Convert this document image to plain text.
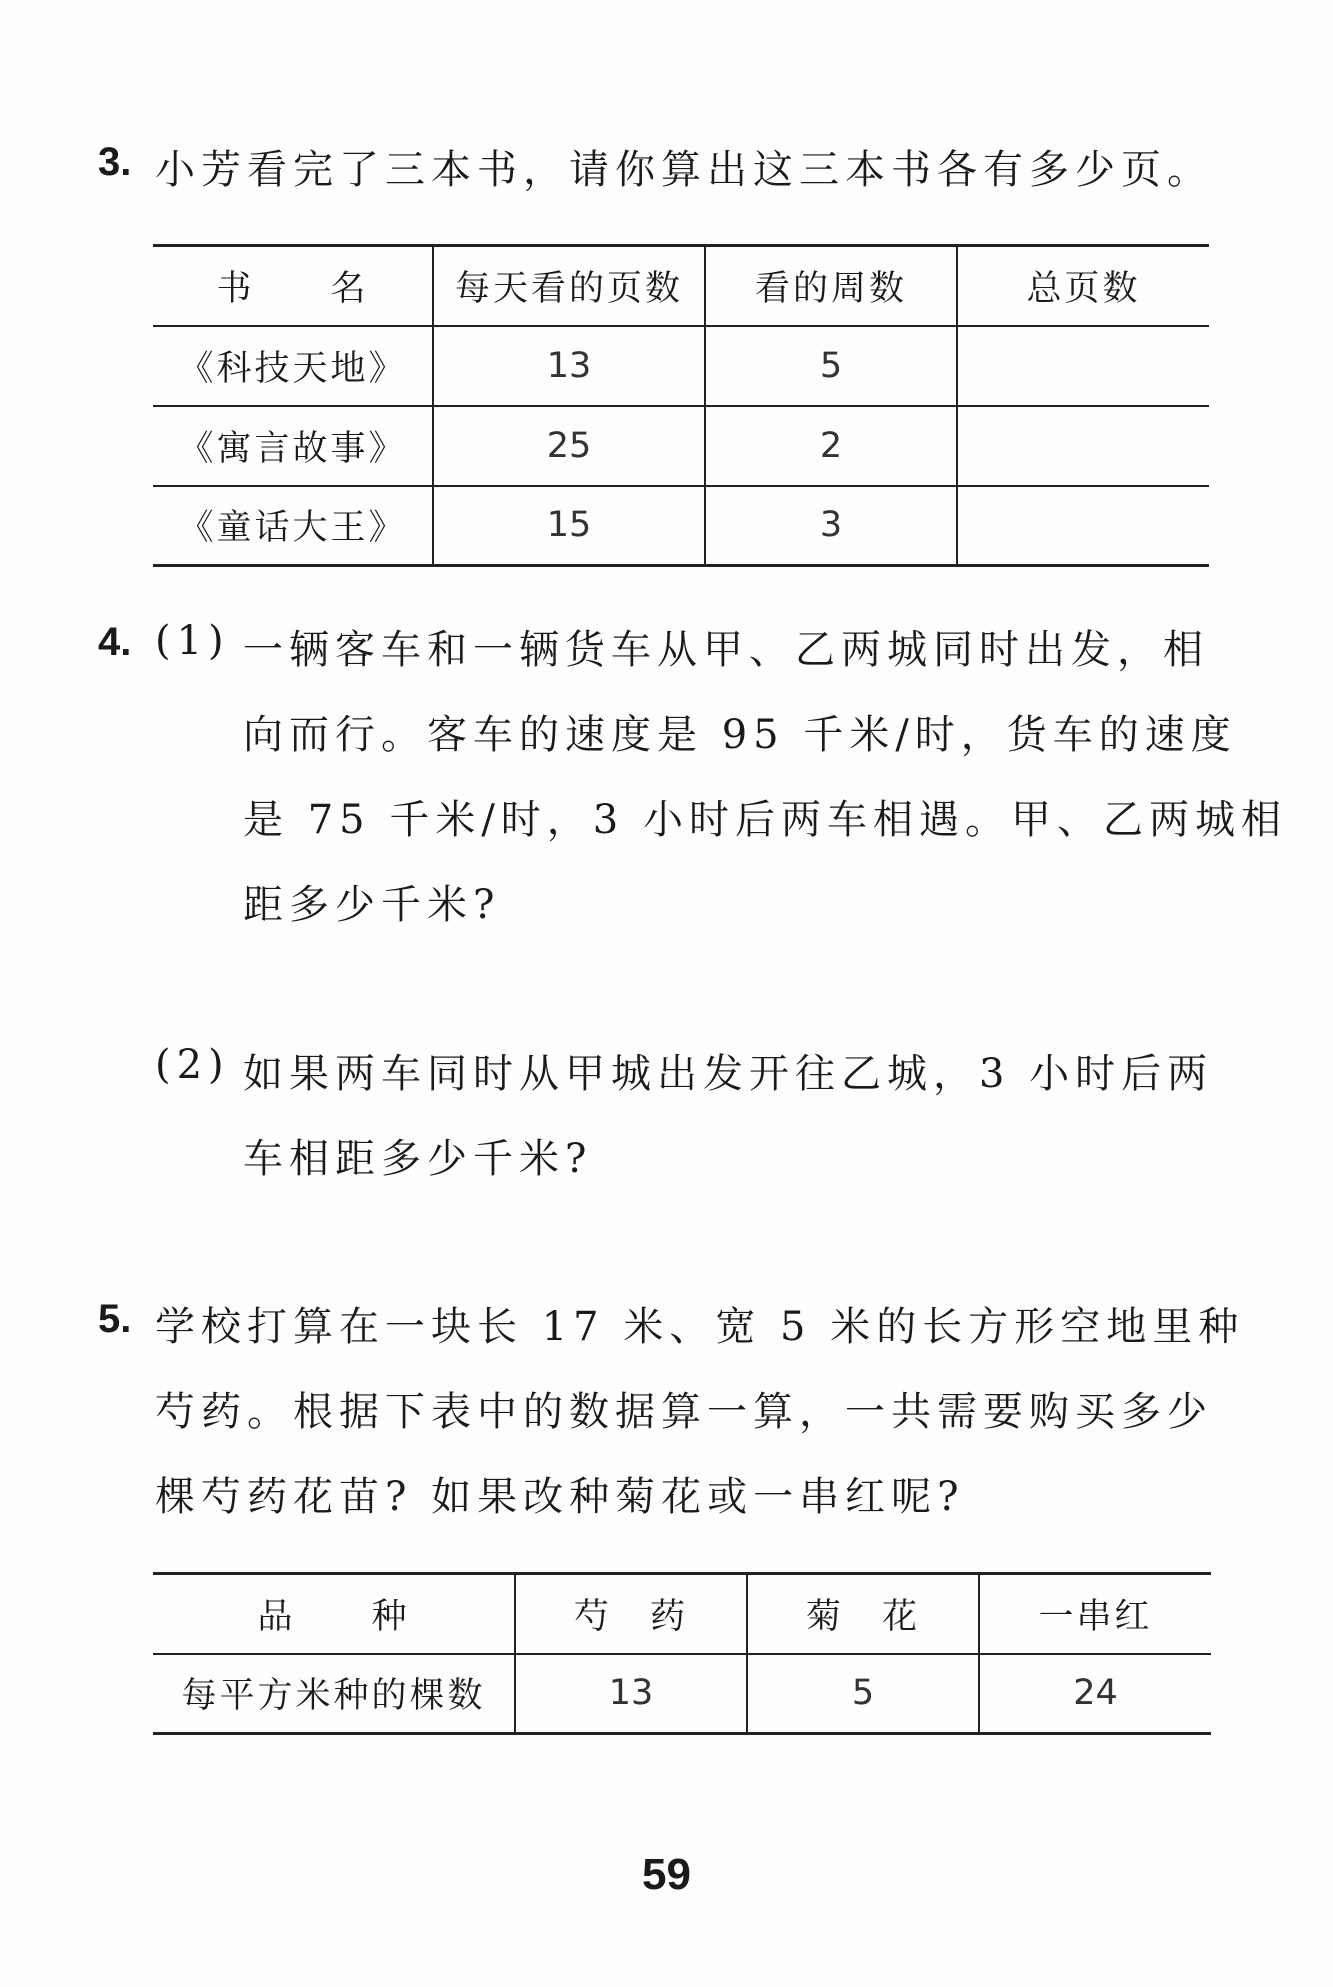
3. 小芳看完了三本书，请你算出这三本书各有多少页。
书　　名	每天看的页数	看的周数	总页数
《科技天地》	13	5	
《寓言故事》	25	2	
《童话大王》	15	3	
4. (1) 一辆客车和一辆货车从甲、乙两城同时出发，相
向而行。客车的速度是 95 千米/时，货车的速度
是 75 千米/时，3 小时后两车相遇。甲、乙两城相
距多少千米?
(2) 如果两车同时从甲城出发开往乙城，3 小时后两
车相距多少千米?
5. 学校打算在一块长 17 米、宽 5 米的长方形空地里种
芍药。根据下表中的数据算一算，一共需要购买多少
棵芍药花苗? 如果改种菊花或一串红呢?
品　　种	芍　药	菊　花	一串红
每平方米种的棵数	13	5	24
59
